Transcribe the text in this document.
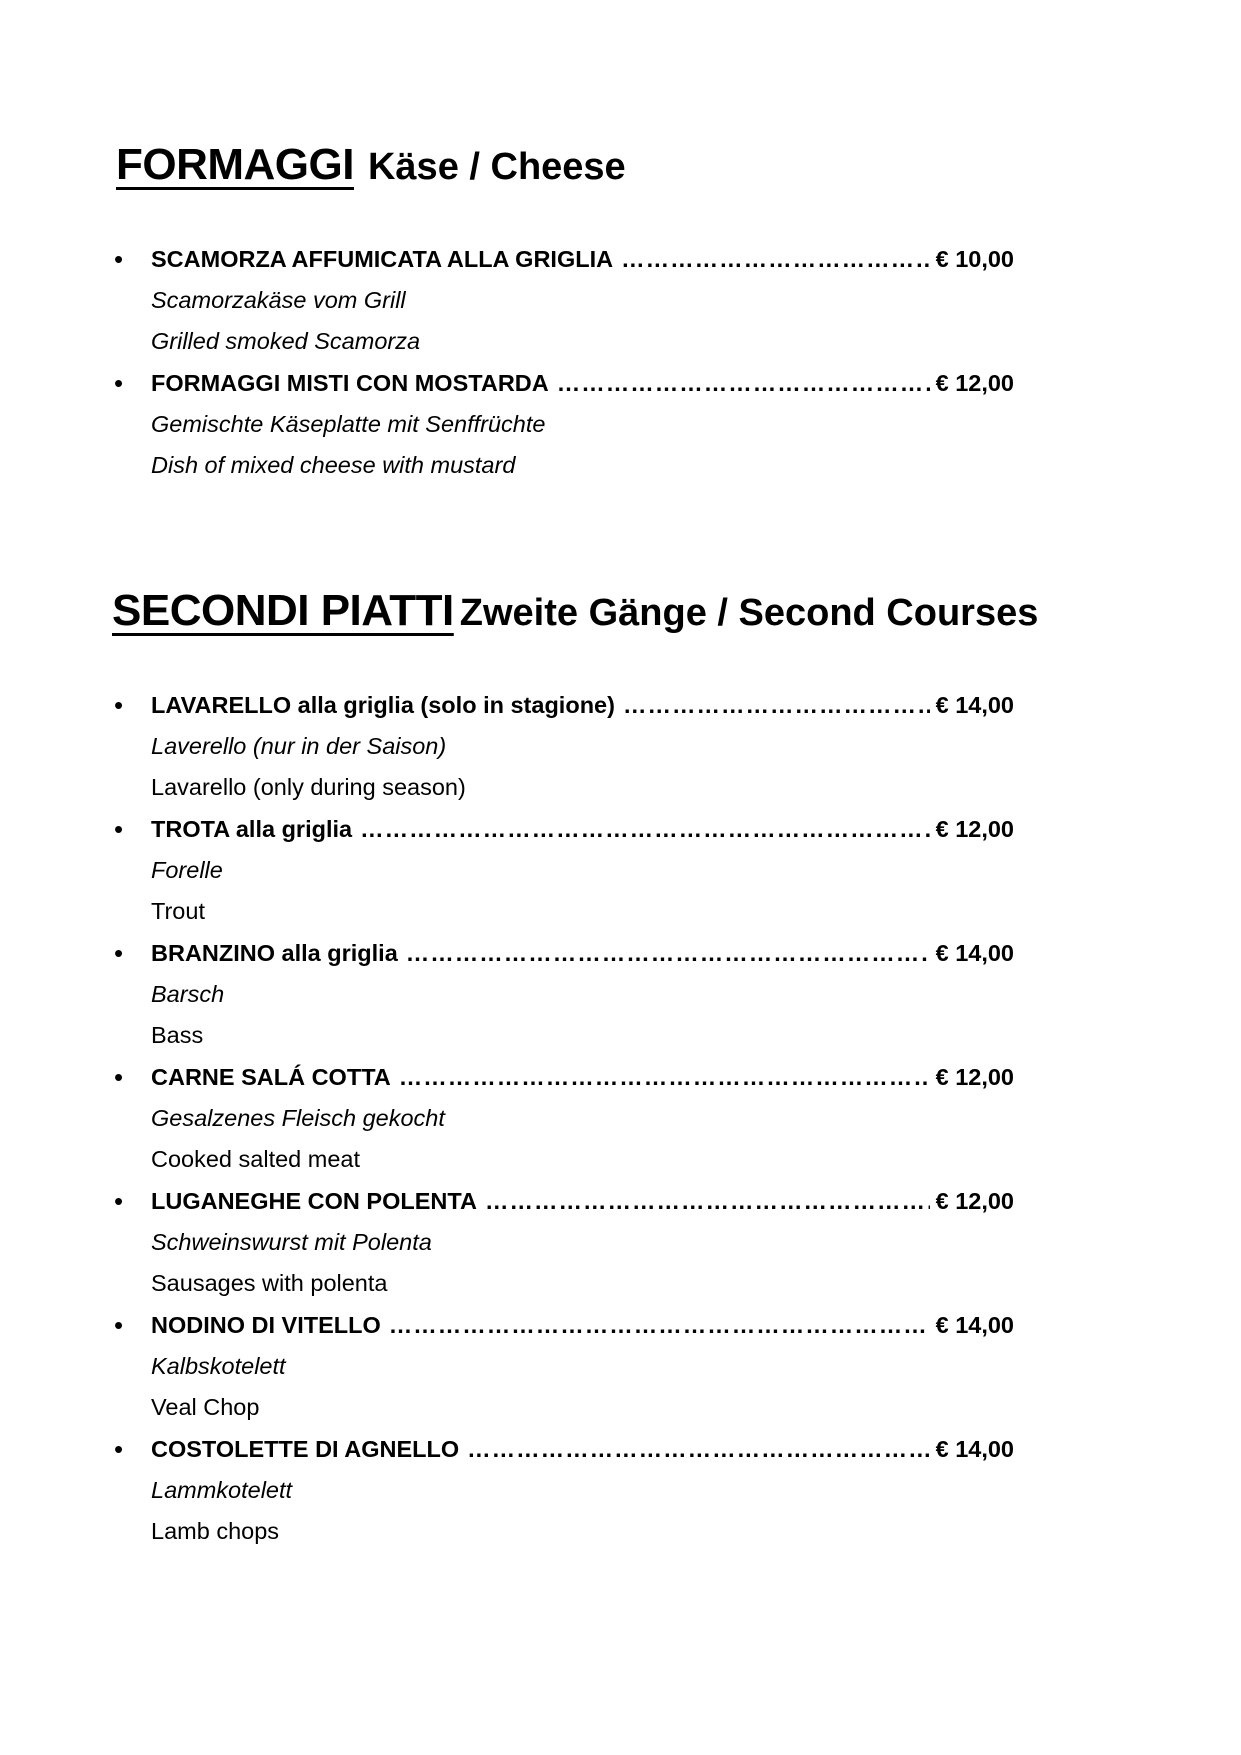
FORMAGGI Käse / Cheese
• SCAMORZA AFFUMICATA ALLA GRIGLIA …………………………………………………………………………………………………………………………………………………………………………	€ 10,00
Scamorzakäse vom Grill
Grilled smoked Scamorza
• FORMAGGI MISTI CON MOSTARDA …………………………………………………………………………………………………………………………………………………………………………	€ 12,00
Gemischte Käseplatte mit Senffrüchte
Dish of mixed cheese with mustard
SECONDI PIATTI Zweite Gänge / Second Courses
• LAVARELLO alla griglia (solo in stagione) …………………………………………………………………………………………………………………………………………………………………………	€ 14,00
Laverello (nur in der Saison)
Lavarello (only during season)
• TROTA alla griglia …………………………………………………………………………………………………………………………………………………………………………	€ 12,00
Forelle
Trout
• BRANZINO alla griglia …………………………………………………………………………………………………………………………………………………………………………	€ 14,00
Barsch
Bass
• CARNE SALÁ COTTA …………………………………………………………………………………………………………………………………………………………………………	€ 12,00
Gesalzenes Fleisch gekocht
Cooked salted meat
• LUGANEGHE CON POLENTA …………………………………………………………………………………………………………………………………………………………………………	€ 12,00
Schweinswurst mit Polenta
Sausages with polenta
• NODINO DI VITELLO …………………………………………………………………………………………………………………………………………………………………………	€ 14,00
Kalbskotelett
Veal Chop
• COSTOLETTE DI AGNELLO …………………………………………………………………………………………………………………………………………………………………………	€ 14,00
Lammkotelett
Lamb chops
